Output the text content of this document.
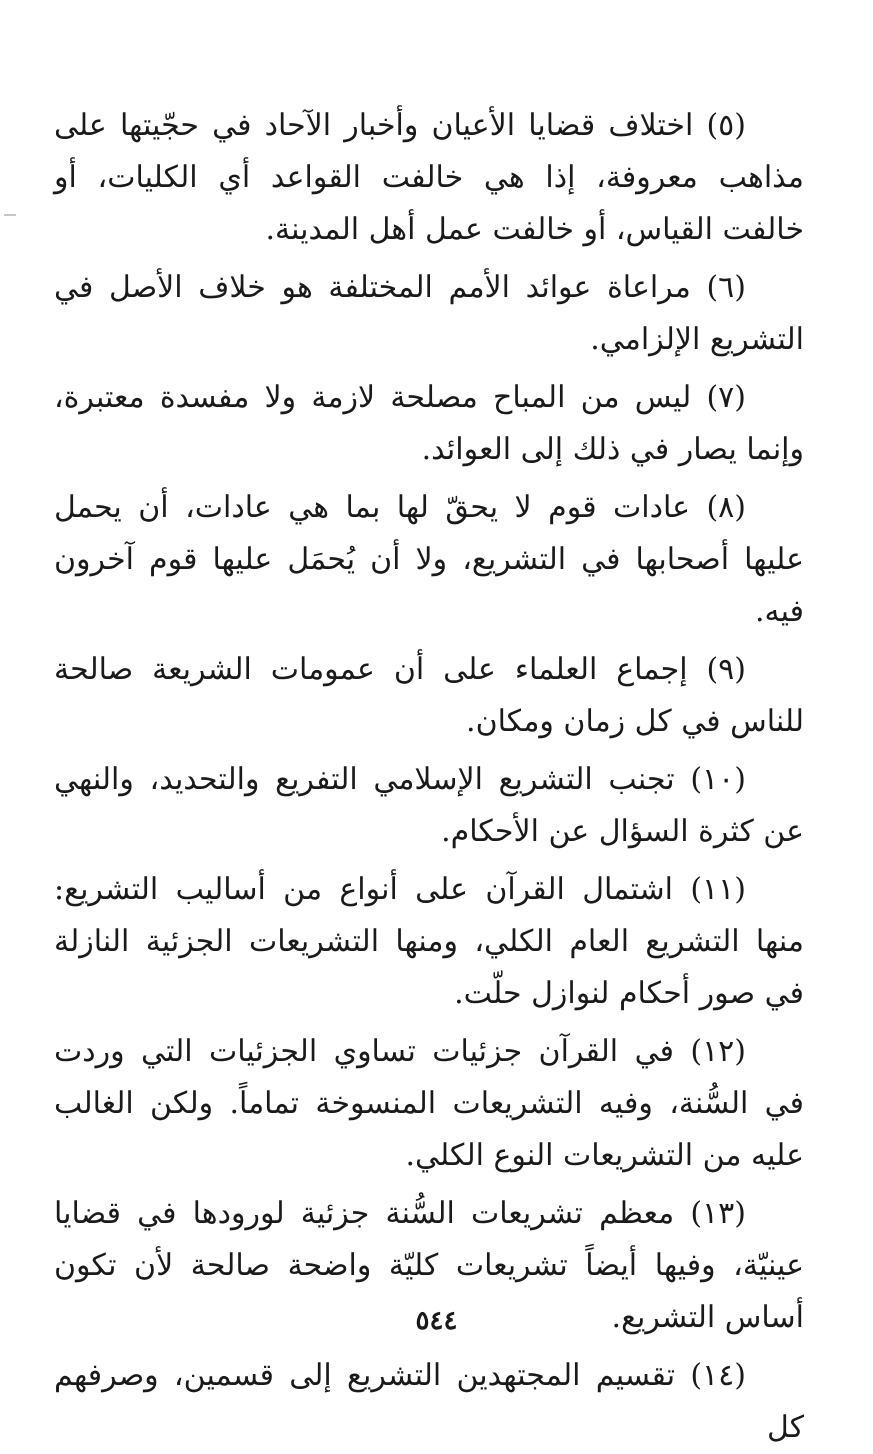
(٥) اختلاف قضايا الأعيان وأخبار الآحاد في حجّيتها على مذاهب معروفة، إذا هي خالفت القواعد أي الكليات، أو خالفت القياس، أو خالفت عمل أهل المدينة.

(٦) مراعاة عوائد الأمم المختلفة هو خلاف الأصل في التشريع الإلزامي.

(٧) ليس من المباح مصلحة لازمة ولا مفسدة معتبرة، وإنما يصار في ذلك إلى العوائد.

(٨) عادات قوم لا يحقّ لها بما هي عادات، أن يحمل عليها أصحابها في التشريع، ولا أن يُحمَل عليها قوم آخرون فيه.

(٩) إجماع العلماء على أن عمومات الشريعة صالحة للناس في كل زمان ومكان.

(١٠) تجنب التشريع الإسلامي التفريع والتحديد، والنهي عن كثرة السؤال عن الأحكام.

(١١) اشتمال القرآن على أنواع من أساليب التشريع: منها التشريع العام الكلي، ومنها التشريعات الجزئية النازلة في صور أحكام لنوازل حلّت.

(١٢) في القرآن جزئيات تساوي الجزئيات التي وردت في السُّنة، وفيه التشريعات المنسوخة تماماً. ولكن الغالب عليه من التشريعات النوع الكلي.

(١٣) معظم تشريعات السُّنة جزئية لورودها في قضايا عينيّة، وفيها أيضاً تشريعات كليّة واضحة صالحة لأن تكون أساس التشريع.

(١٤) تقسيم المجتهدين التشريع إلى قسمين، وصرفهم كل

٥٤٤
